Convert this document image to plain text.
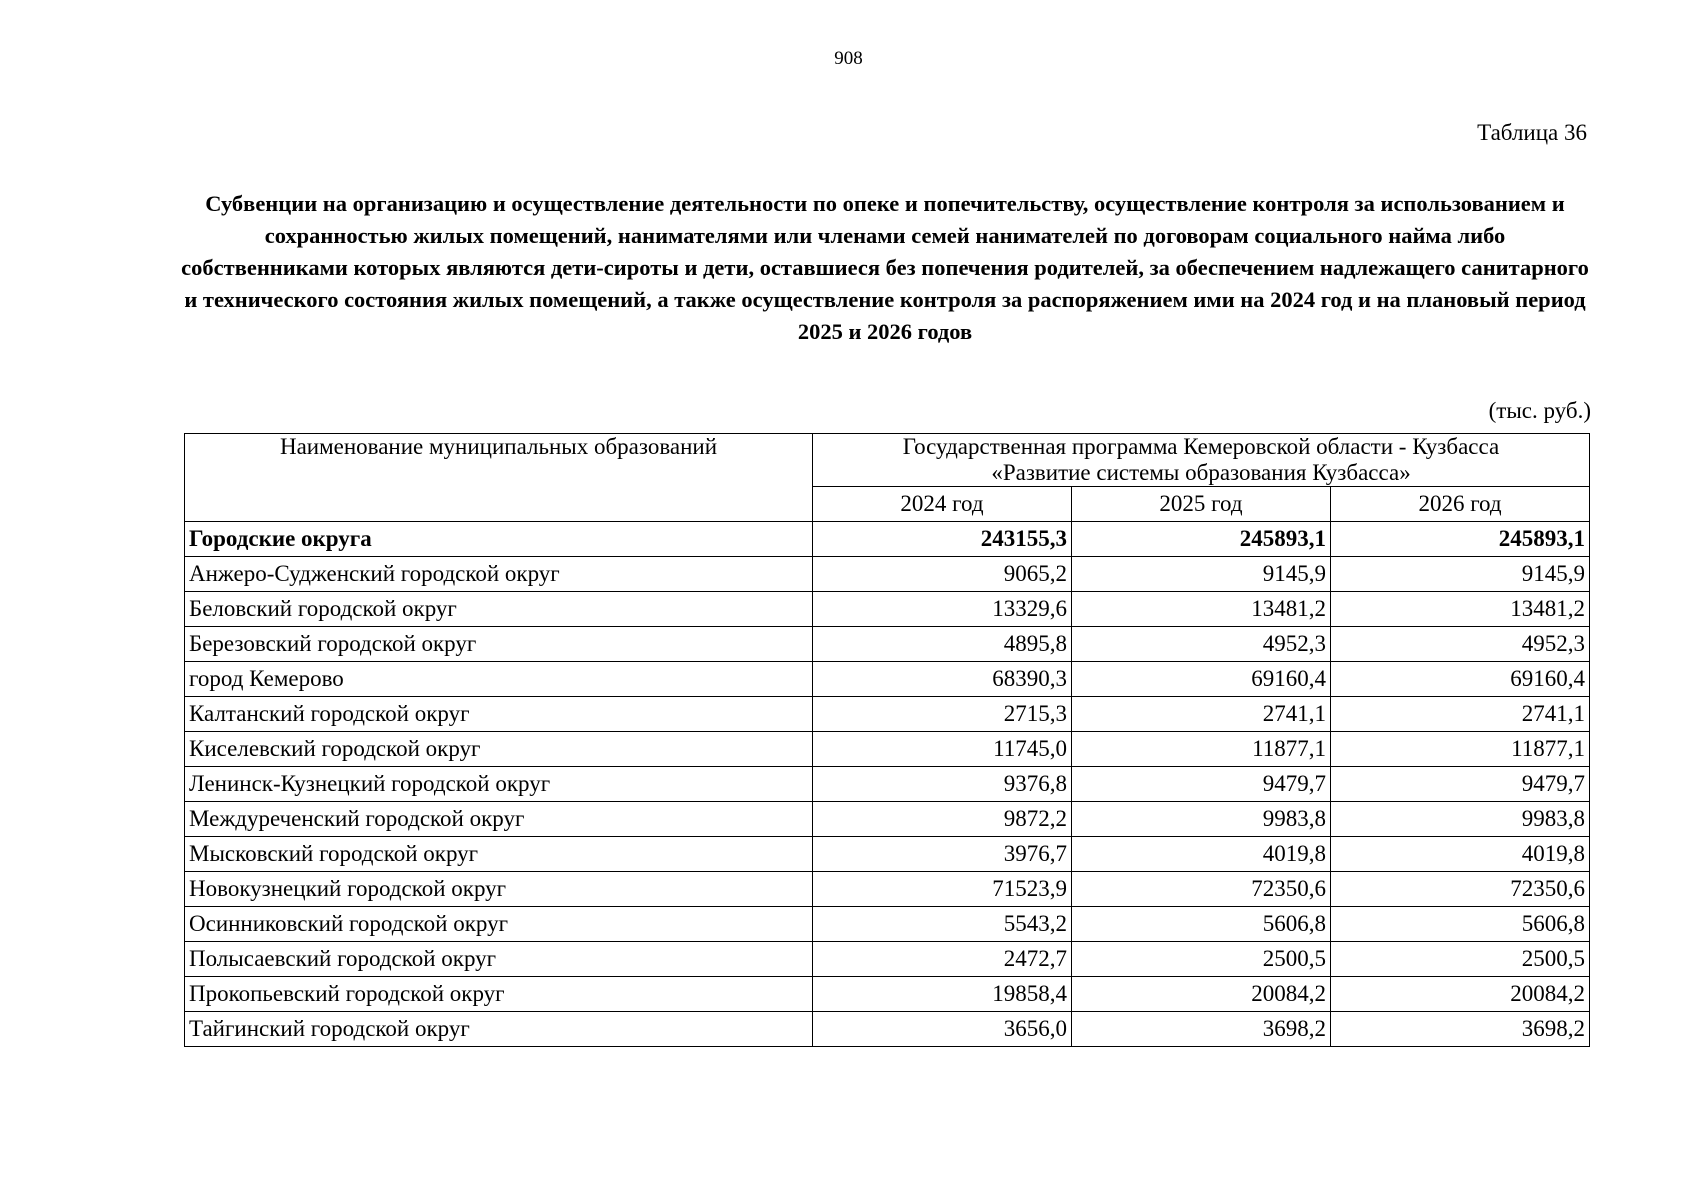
908
Таблица 36
Субвенции на организацию и осуществление деятельности по опеке и попечительству, осуществление контроля за использованием и сохранностью жилых помещений, нанимателями или членами семей нанимателей по договорам социального найма либо собственниками которых являются дети-сироты и дети, оставшиеся без попечения родителей, за обеспечением надлежащего санитарного и технического состояния жилых помещений, а также осуществление контроля за распоряжением ими на 2024 год и на плановый период 2025 и 2026 годов
(тыс. руб.)
Наименование муниципальных образований	Государственная программа Кемеровской области - Кузбасса
«Развитие системы образования Кузбасса»		

	2024 год	2025 год	2026 год
Городские округа	243155,3	245893,1	245893,1
Анжеро-Судженский городской округ	9065,2	9145,9	9145,9
Беловский городской округ	13329,6	13481,2	13481,2
Березовский городской округ	4895,8	4952,3	4952,3
город Кемерово	68390,3	69160,4	69160,4
Калтанский городской округ	2715,3	2741,1	2741,1
Киселевский городской округ	11745,0	11877,1	11877,1
Ленинск-Кузнецкий городской округ	9376,8	9479,7	9479,7
Междуреченский городской округ	9872,2	9983,8	9983,8
Мысковский городской округ	3976,7	4019,8	4019,8
Новокузнецкий городской округ	71523,9	72350,6	72350,6
Осинниковский городской округ	5543,2	5606,8	5606,8
Полысаевский городской округ	2472,7	2500,5	2500,5
Прокопьевский городской округ	19858,4	20084,2	20084,2
Тайгинский городской округ	3656,0	3698,2	3698,2
